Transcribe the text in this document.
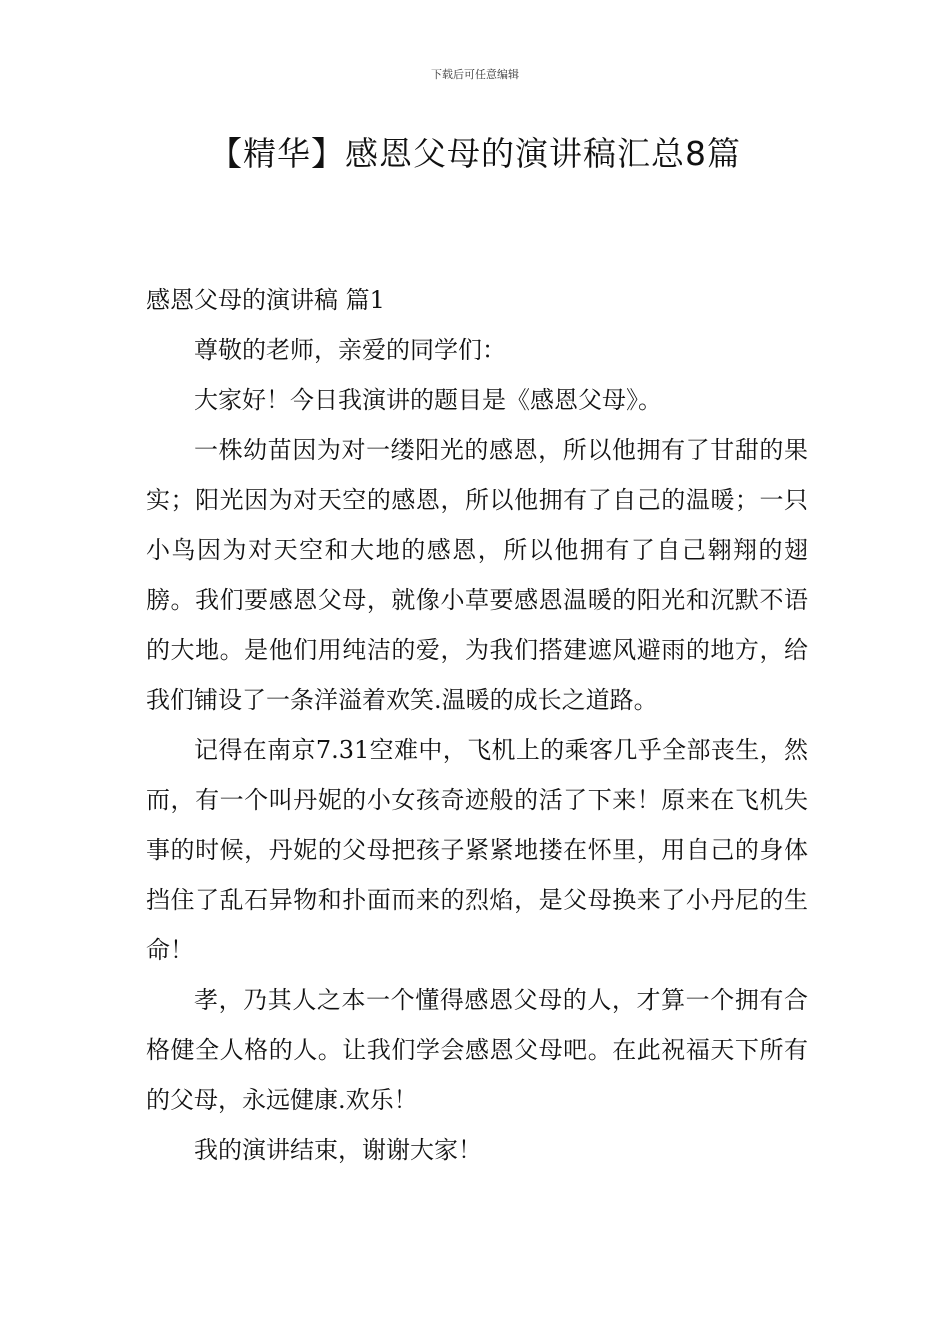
下载后可任意编辑
【精华】感恩父母的演讲稿汇总8篇

感恩父母的演讲稿 篇1

尊敬的老师，亲爱的同学们：

大家好！今日我演讲的题目是《感恩父母》。

一株幼苗因为对一缕阳光的感恩，所以他拥有了甘甜的果实；阳光因为对天空的感恩，所以他拥有了自己的温暖；一只小鸟因为对天空和大地的感恩，所以他拥有了自己翱翔的翅膀。我们要感恩父母，就像小草要感恩温暖的阳光和沉默不语的大地。是他们用纯洁的爱，为我们搭建遮风避雨的地方，给我们铺设了一条洋溢着欢笑.温暖的成长之道路。

记得在南京7.31空难中，飞机上的乘客几乎全部丧生，然而，有一个叫丹妮的小女孩奇迹般的活了下来！原来在飞机失事的时候，丹妮的父母把孩子紧紧地搂在怀里，用自己的身体挡住了乱石异物和扑面而来的烈焰，是父母换来了小丹尼的生命！

孝，乃其人之本一个懂得感恩父母的人，才算一个拥有合格健全人格的人。让我们学会感恩父母吧。在此祝福天下所有的父母，永远健康.欢乐！

我的演讲结束，谢谢大家！
